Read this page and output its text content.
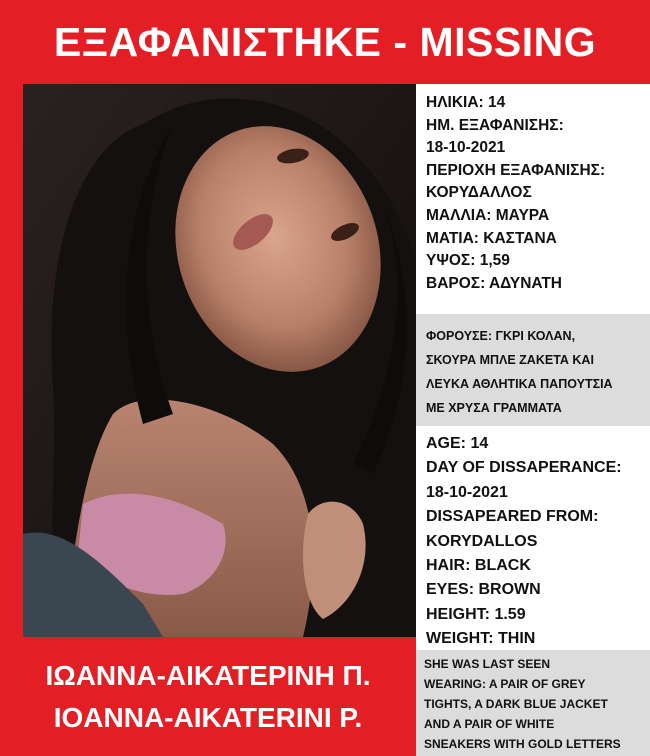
ΕΞΑΦΑΝΙΣΤΗΚΕ - MISSING
ΗΛΙΚΙΑ: 14
ΗΜ. ΕΞΑΦΑΝΙΣΗΣ:
18-10-2021
ΠΕΡΙΟΧΗ ΕΞΑΦΑΝΙΣΗΣ:
ΚΟΡΥΔΑΛΛΟΣ
ΜΑΛΛΙΑ: ΜΑΥΡΑ
ΜΑΤΙΑ: ΚΑΣΤΑΝΑ
ΥΨΟΣ: 1,59
ΒΑΡΟΣ: ΑΔΥΝΑΤΗ
ΦΟΡΟΥΣΕ: ΓΚΡΙ ΚΟΛΑΝ,
ΣΚΟΥΡΑ ΜΠΛΕ ΖΑΚΕΤΑ ΚΑΙ
ΛΕΥΚΑ ΑΘΛΗΤΙΚΑ ΠΑΠΟΥΤΣΙΑ
ΜΕ ΧΡΥΣΑ ΓΡΑΜΜΑΤΑ
AGE: 14
DAY OF DISSAPERANCE:
18-10-2021
DISSAPEARED FROM:
KORYDALLOS
HAIR: BLACK
EYES: BROWN
HEIGHT: 1.59
WEIGHT: THIN
SHE WAS LAST SEEN
WEARING: A PAIR OF GREY
TIGHTS, A DARK BLUE JACKET
AND A PAIR OF WHITE
SNEAKERS WITH GOLD LETTERS
ΙΩΑΝΝΑ-ΑΙΚΑΤΕΡΙΝΗ Π.
IOANNA-AIKATERINI P.
